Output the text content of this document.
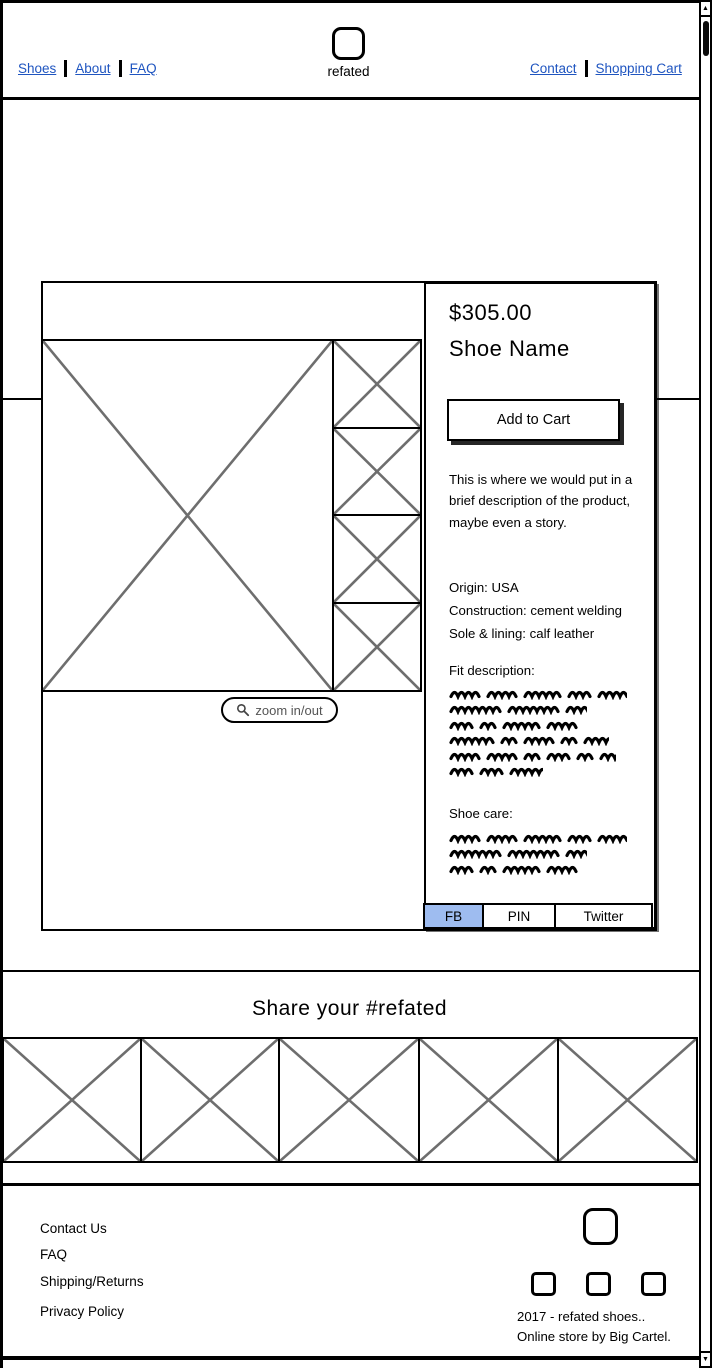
Shoes About FAQ	refated	Contact Shopping Cart
zoom in/out
$305.00
Shoe Name
Add to Cart
This is where we would put in a brief description of the product, maybe even a story.
Origin: USA
Construction: cement welding
Sole & lining: calf leather
Fit description:
Shoe care:
FB	PIN	Twitter
Share your #refated
Contact Us
FAQ
Shipping/Returns
Privacy Policy	2017 - refated shoes..
Online store by Big Cartel.
▲
▼
